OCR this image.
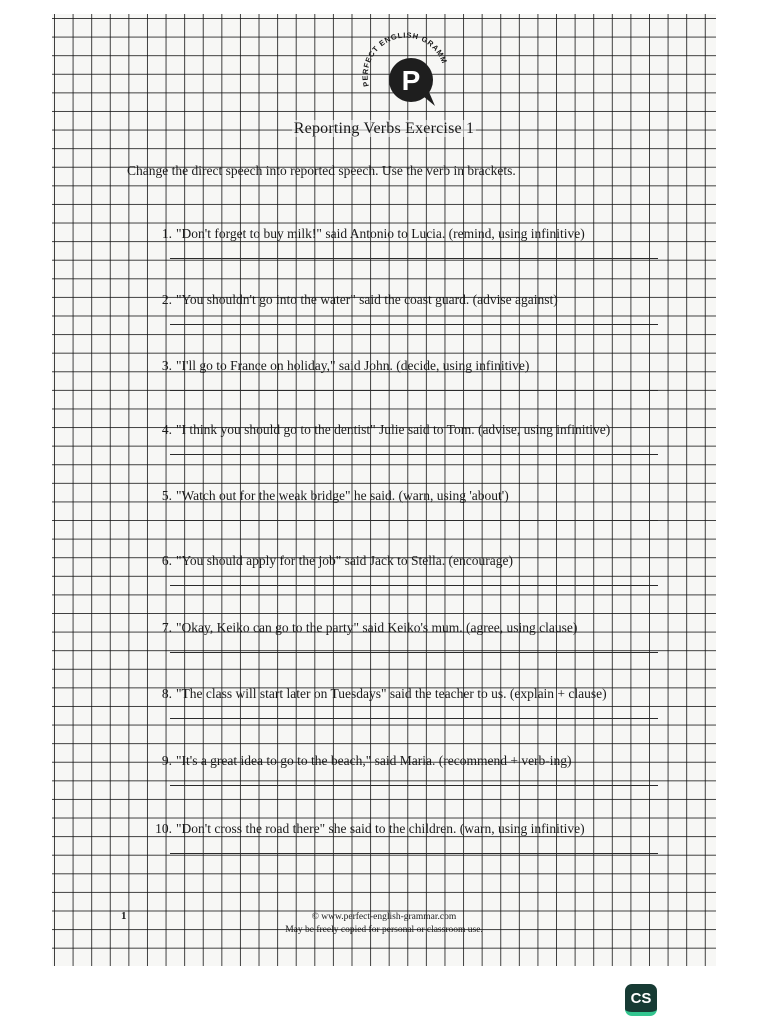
PERFECT ENGLISH GRAMM
P
Reporting Verbs Exercise 1
Change the direct speech into reported speech. Use the verb in brackets.
1. "Don't forget to buy milk!" said Antonio to Lucia. (remind, using infinitive)
2. "You shouldn't go into the water" said the coast guard. (advise against)
3. "I'll go to France on holiday," said John. (decide, using infinitive)
4. "I think you should go to the dentist" Julie said to Tom. (advise, using infinitive)
5. "Watch out for the weak bridge" he said. (warn, using 'about')
6. "You should apply for the job" said Jack to Stella. (encourage)
7. "Okay, Keiko can go to the party" said Keiko's mum. (agree, using clause)
8. "The class will start later on Tuesdays" said the teacher to us. (explain + clause)
9. "It's a great idea to go to the beach," said Maria. (recommend + verb-ing)
10. "Don't cross the road there" she said to the children. (warn, using infinitive)
1	© www.perfect-english-grammar.com
May be freely copied for personal or classroom use.
CS
